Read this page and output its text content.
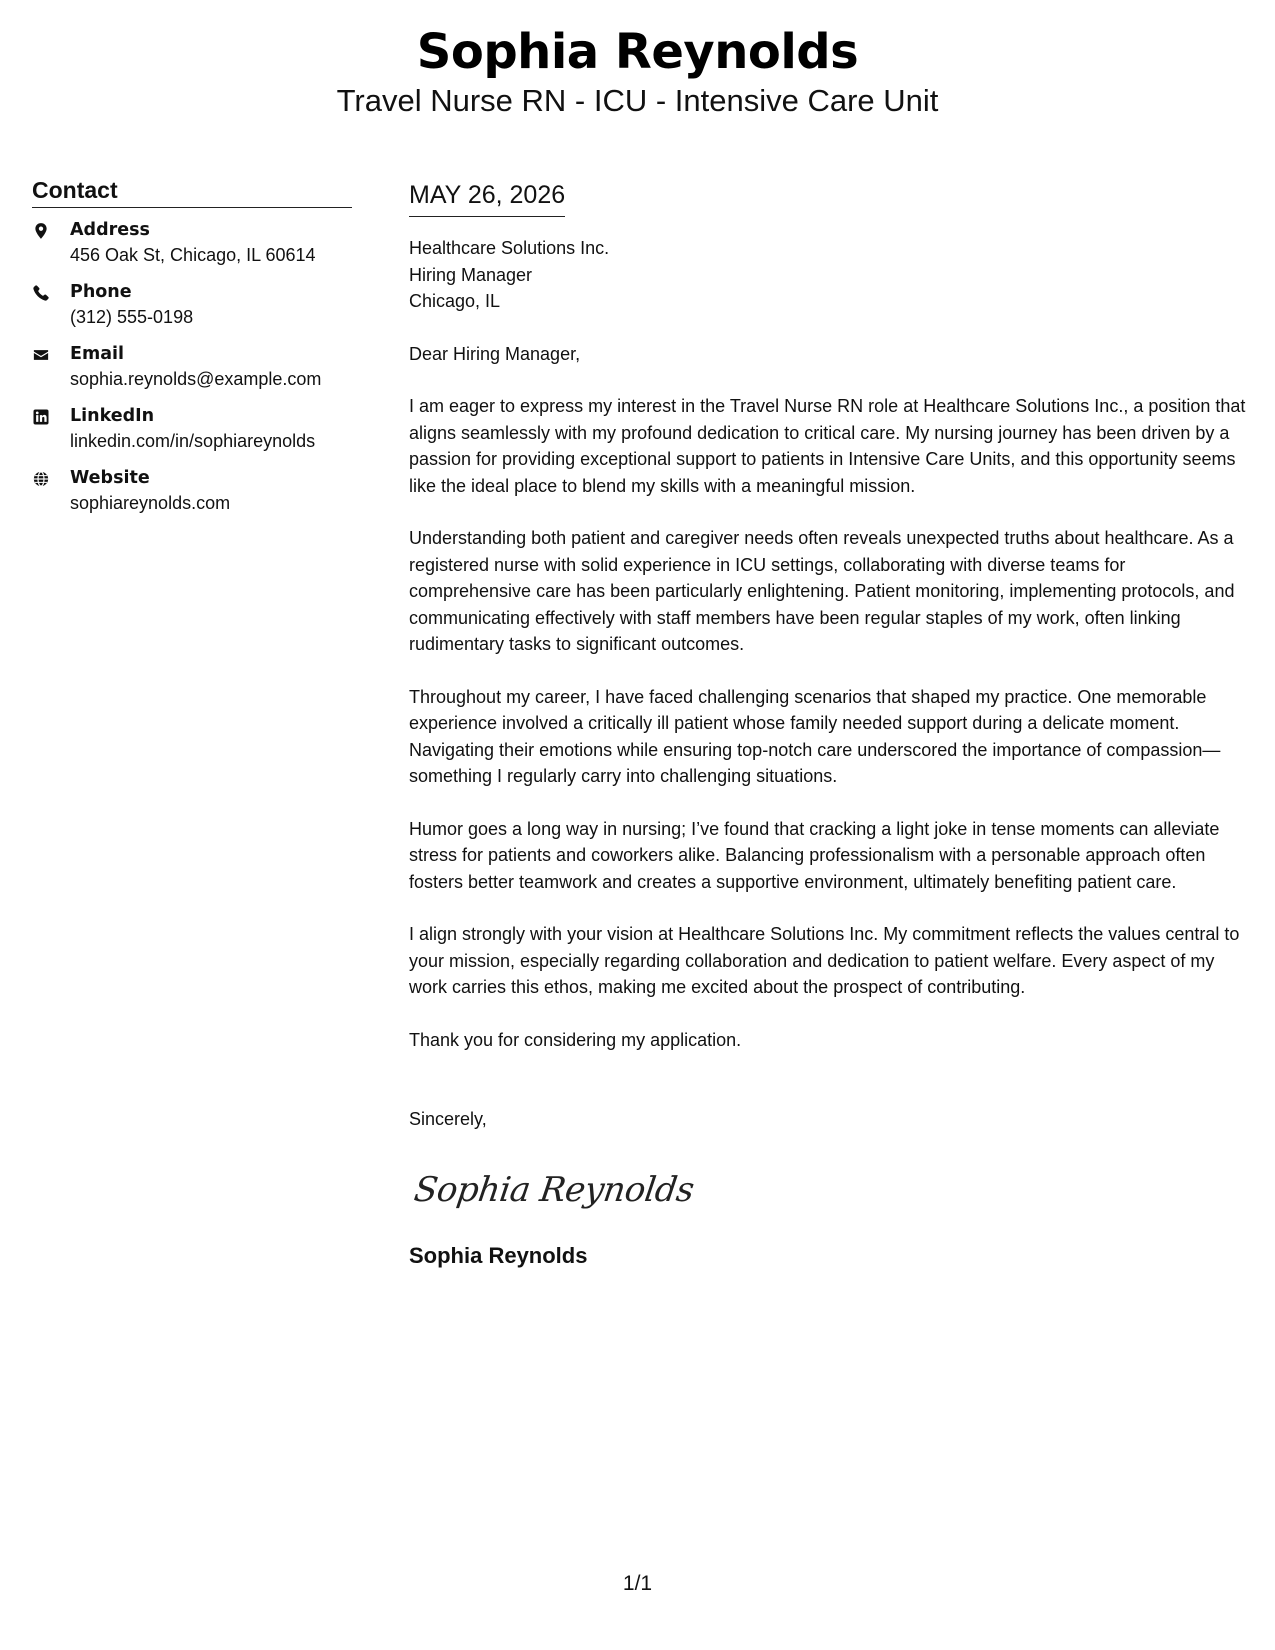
Sophia Reynolds

Travel Nurse RN - ICU - Intensive Care Unit

Contact
Address
456 Oak St, Chicago, IL 60614
Phone
(312) 555-0198
Email
sophia.reynolds@example.com
LinkedIn
linkedin.com/in/sophiareynolds
Website
sophiareynolds.com
MAY 26, 2026
Healthcare Solutions Inc.
Hiring Manager
Chicago, IL
Dear Hiring Manager,
I am eager to express my interest in the Travel Nurse RN role at Healthcare Solutions Inc., a position that aligns seamlessly with my profound dedication to critical care. My nursing journey has been driven by a passion for providing exceptional support to patients in Intensive Care Units, and this opportunity seems like the ideal place to blend my skills with a meaningful mission.
Understanding both patient and caregiver needs often reveals unexpected truths about healthcare. As a registered nurse with solid experience in ICU settings, collaborating with diverse teams for comprehensive care has been particularly enlightening. Patient monitoring, implementing protocols, and communicating effectively with staff members have been regular staples of my work, often linking rudimentary tasks to significant outcomes.
Throughout my career, I have faced challenging scenarios that shaped my practice. One memorable experience involved a critically ill patient whose family needed support during a delicate moment. Navigating their emotions while ensuring top-notch care underscored the importance of compassion—something I regularly carry into challenging situations.
Humor goes a long way in nursing; I’ve found that cracking a light joke in tense moments can alleviate stress for patients and coworkers alike. Balancing professionalism with a personable approach often fosters better teamwork and creates a supportive environment, ultimately benefiting patient care.
I align strongly with your vision at Healthcare Solutions Inc. My commitment reflects the values central to your mission, especially regarding collaboration and dedication to patient welfare. Every aspect of my work carries this ethos, making me excited about the prospect of contributing.
Thank you for considering my application.
Sincerely,
Sophia Reynolds
Sophia Reynolds
1/1
